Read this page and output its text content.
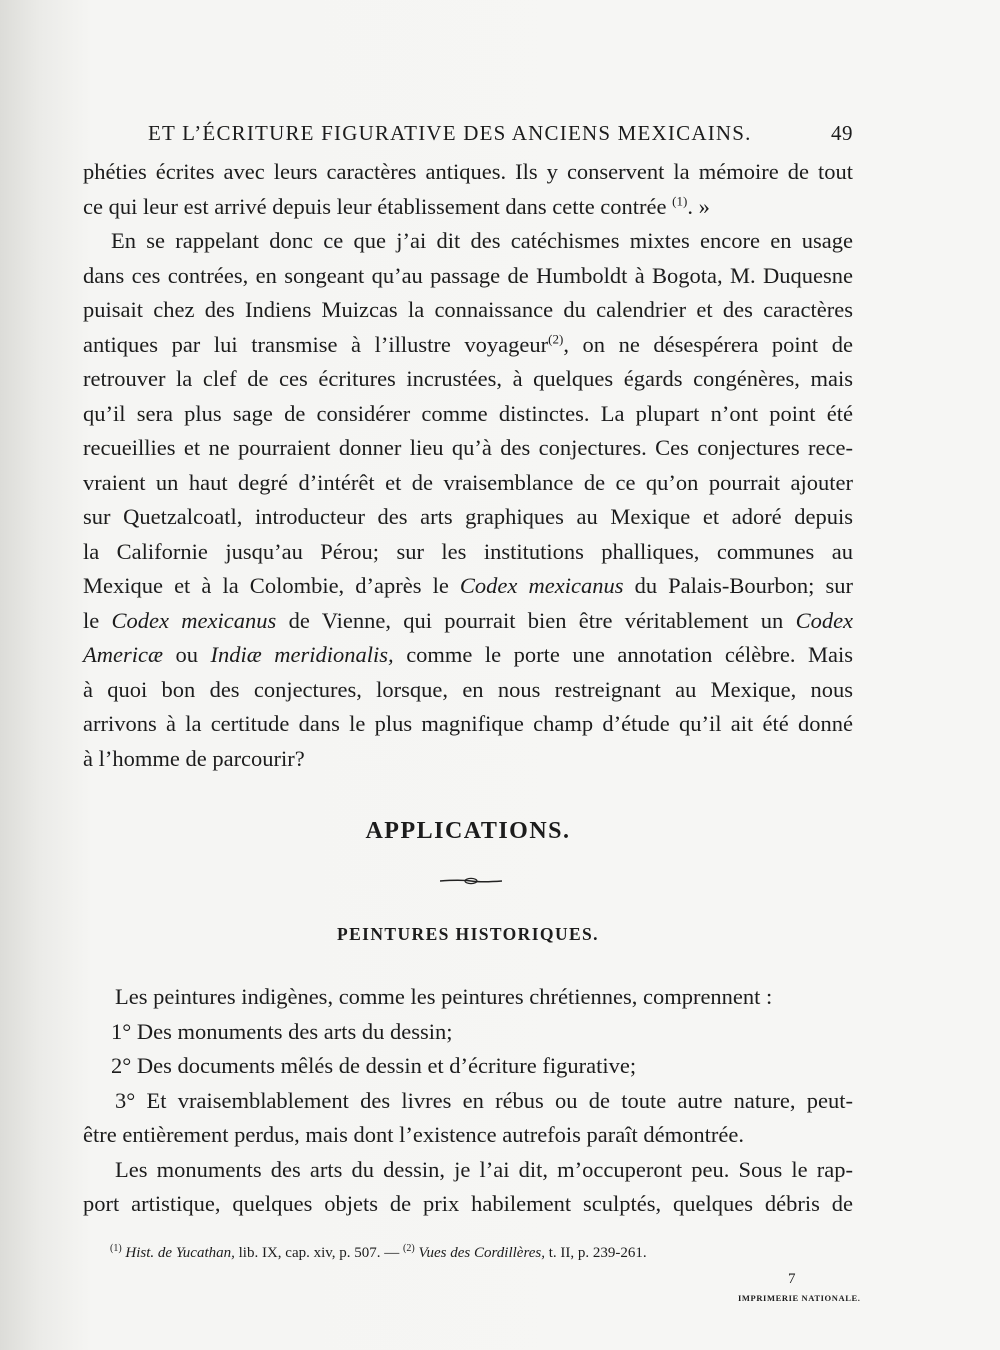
ET L’ÉCRITURE FIGURATIVE DES ANCIENS MEXICAINS.	49
phéties écrites avec leurs caractères antiques. Ils y conservent la mémoire de tout
ce qui leur est arrivé depuis leur établissement dans cette contrée $^{(1)}$. »
En se rappelant donc ce que j’ai dit des catéchismes mixtes encore en usage
dans ces contrées, en songeant qu’au passage de Humboldt à Bogota, M. Duquesne
puisait chez des Indiens Muizcas la connaissance du calendrier et des caractères
antiques par lui transmise à l’illustre voyageur$^{(2)}$, on ne désespérera point de
retrouver la clef de ces écritures incrustées, à quelques égards congénères, mais
qu’il sera plus sage de considérer comme distinctes. La plupart n’ont point été
recueillies et ne pourraient donner lieu qu’à des conjectures. Ces conjectures rece-
vraient un haut degré d’intérêt et de vraisemblance de ce qu’on pourrait ajouter
sur Quetzalcoatl, introducteur des arts graphiques au Mexique et adoré depuis
la Californie jusqu’au Pérou; sur les institutions phalliques, communes au
Mexique et à la Colombie, d’après le Codex mexicanus du Palais-Bourbon; sur
le Codex mexicanus de Vienne, qui pourrait bien être véritablement un Codex
Americæ ou Indiæ meridionalis, comme le porte une annotation célèbre. Mais
à quoi bon des conjectures, lorsque, en nous restreignant au Mexique, nous
arrivons à la certitude dans le plus magnifique champ d’étude qu’il ait été donné
à l’homme de parcourir?
APPLICATIONS.
PEINTURES HISTORIQUES.
Les peintures indigènes, comme les peintures chrétiennes, comprennent :
1° Des monuments des arts du dessin;
2° Des documents mêlés de dessin et d’écriture figurative;
3° Et vraisemblablement des livres en rébus ou de toute autre nature, peut-
être entièrement perdus, mais dont l’existence autrefois paraît démontrée.
Les monuments des arts du dessin, je l’ai dit, m’occuperont peu. Sous le rap-
port artistique, quelques objets de prix habilement sculptés, quelques débris de
$^{(1)}$ Hist. de Yucathan, lib. IX, cap. xiv, p. 507. — $^{(2)}$ Vues des Cordillères, t. II, p. 239-261.
7
IMPRIMERIE NATIONALE.
